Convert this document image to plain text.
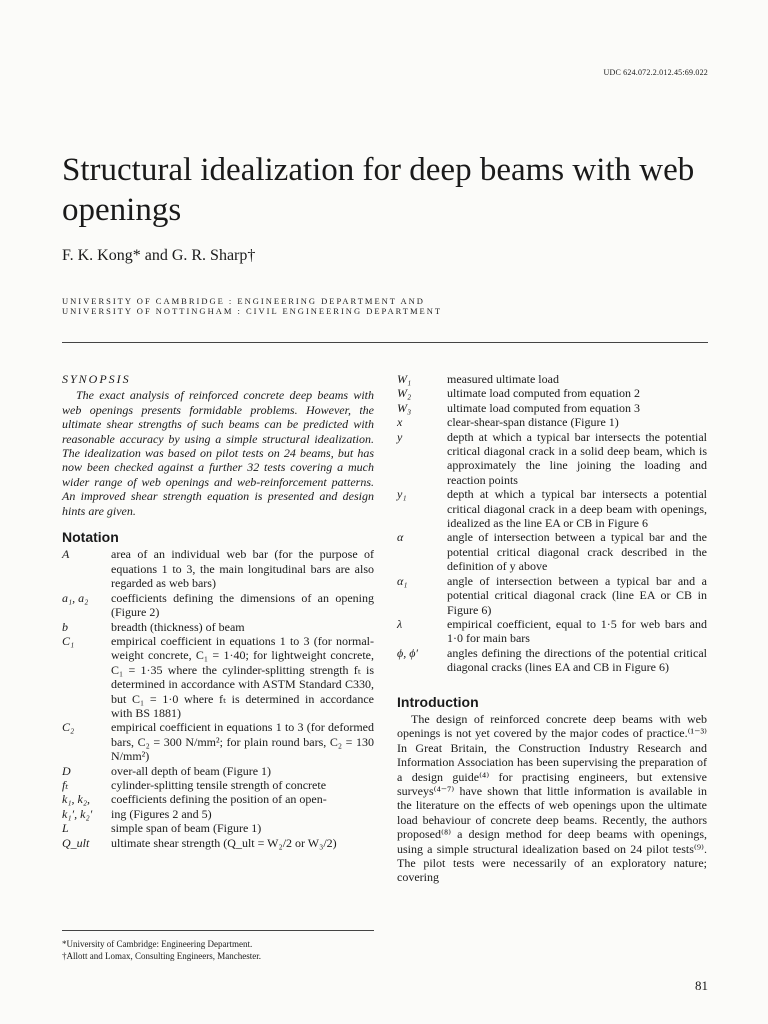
UDC 624.072.2.012.45:69.022
Structural idealization for deep beams with web openings
F. K. Kong* and G. R. Sharp†
UNIVERSITY OF CAMBRIDGE : ENGINEERING DEPARTMENT AND
UNIVERSITY OF NOTTINGHAM : CIVIL ENGINEERING DEPARTMENT
SYNOPSIS

The exact analysis of reinforced concrete deep beams with web openings presents formidable problems. However, the ultimate shear strengths of such beams can be predicted with reasonable accuracy by using a simple structural idealization. The idealization was based on pilot tests on 24 beams, but has now been checked against a further 32 tests covering a much wider range of web openings and web-reinforcement patterns. An improved shear strength equation is presented and design hints are given.

Notation
A	area of an individual web bar (for the purpose of equations 1 to 3, the main longitudinal bars are also regarded as web bars)
a₁, a₂	coefficients defining the dimensions of an opening (Figure 2)
b	breadth (thickness) of beam
C₁	empirical coefficient in equations 1 to 3 (for normal-weight concrete, C₁ = 1·40; for lightweight concrete, C₁ = 1·35 where the cylinder-splitting strength fₜ is determined in accordance with ASTM Standard C330, but C₁ = 1·0 where fₜ is determined in accordance with BS 1881)
C₂	empirical coefficient in equations 1 to 3 (for deformed bars, C₂ = 300 N/mm²; for plain round bars, C₂ = 130 N/mm²)
D	over-all depth of beam (Figure 1)
fₜ	cylinder-splitting tensile strength of concrete
k₁, k₂,	coefficients defining the position of an open-
k₁′, k₂′	ing (Figures 2 and 5)
L	simple span of beam (Figure 1)
Q_ult	ultimate shear strength (Q_ult = W₂/2 or W₃/2)
W₁	measured ultimate load
W₂	ultimate load computed from equation 2
W₃	ultimate load computed from equation 3
x	clear-shear-span distance (Figure 1)
y	depth at which a typical bar intersects the potential critical diagonal crack in a solid deep beam, which is approximately the line joining the loading and reaction points
y₁	depth at which a typical bar intersects a potential critical diagonal crack in a deep beam with openings, idealized as the line EA or CB in Figure 6
α	angle of intersection between a typical bar and the potential critical diagonal crack described in the definition of y above
α₁	angle of intersection between a typical bar and a potential critical diagonal crack (line EA or CB in Figure 6)
λ	empirical coefficient, equal to 1·5 for web bars and 1·0 for main bars
ϕ, ϕ′	angles defining the directions of the potential critical diagonal cracks (lines EA and CB in Figure 6)
Introduction

The design of reinforced concrete deep beams with web openings is not yet covered by the major codes of practice.⁽¹⁻³⁾ In Great Britain, the Construction Industry Research and Information Association has been supervising the preparation of a design guide⁽⁴⁾ for practising engineers, but extensive surveys⁽⁴⁻⁷⁾ have shown that little information is available in the literature on the effects of web openings upon the ultimate load behaviour of concrete deep beams. Recently, the authors proposed⁽⁸⁾ a design method for deep beams with openings, using a simple structural idealization based on 24 pilot tests⁽⁹⁾. The pilot tests were necessarily of an exploratory nature; covering

*University of Cambridge: Engineering Department.
†Allott and Lomax, Consulting Engineers, Manchester.
81
